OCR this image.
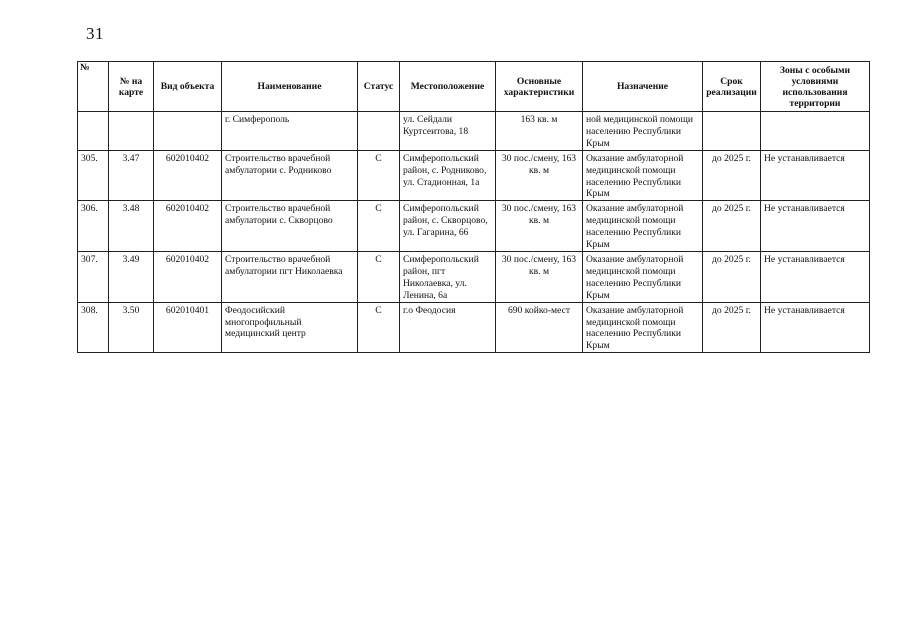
31
№	№ на карте	Вид объекта	Наименование	Статус	Местоположение	Основные характеристики	Назначение	Срок реализации	Зоны с особыми условиями использования территории
			г. Симферополь		ул. Сейдали Куртсеитова, 18	163 кв. м	ной медицинской помощи населению Республики Крым		
305.	3.47	602010402	Строительство врачебной амбулатории с. Родниково	С	Симферопольский район, с. Родниково, ул. Стадионная, 1а	30 пос./смену, 163 кв. м	Оказание амбулаторной медицинской помощи населению Республики Крым	до 2025 г.	Не устанавливается
306.	3.48	602010402	Строительство врачебной амбулатории с. Скворцово	С	Симферопольский район, с. Скворцово, ул. Гагарина, 66	30 пос./смену, 163 кв. м	Оказание амбулаторной медицинской помощи населению Республики Крым	до 2025 г.	Не устанавливается
307.	3.49	602010402	Строительство врачебной амбулатории пгт Николаевка	С	Симферопольский район, пгт Николаевка, ул. Ленина, 6а	30 пос./смену, 163 кв. м	Оказание амбулаторной медицинской помощи населению Республики Крым	до 2025 г.	Не устанавливается
308.	3.50	602010401	Феодосийский многопрофильный медицинский центр	С	г.о Феодосия	690 койко-мест	Оказание амбулаторной медицинской помощи населению Республики Крым	до 2025 г.	Не устанавливается
